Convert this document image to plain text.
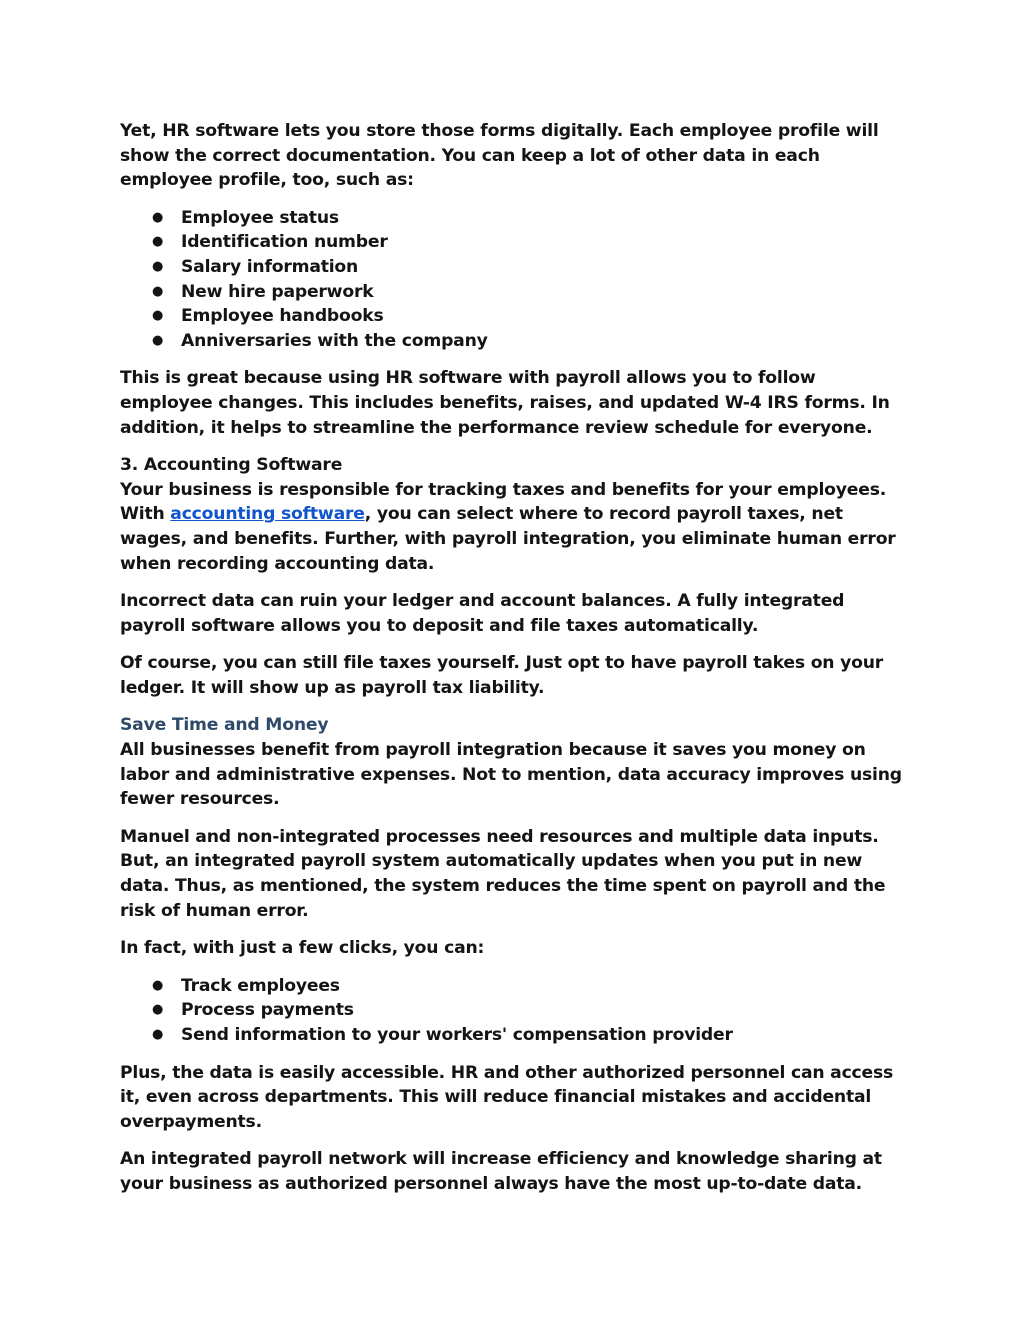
Yet, HR software lets you store those forms digitally. Each employee profile will show the correct documentation. You can keep a lot of other data in each employee profile, too, such as:

● Employee status
● Identification number
● Salary information
● New hire paperwork
● Employee handbooks
● Anniversaries with the company

This is great because using HR software with payroll allows you to follow employee changes. This includes benefits, raises, and updated W-4 IRS forms. In addition, it helps to streamline the performance review schedule for everyone.

3. Accounting Software

Your business is responsible for tracking taxes and benefits for your employees.
With accounting software, you can select where to record payroll taxes, net wages, and benefits. Further, with payroll integration, you eliminate human error when recording accounting data.

Incorrect data can ruin your ledger and account balances. A fully integrated payroll software allows you to deposit and file taxes automatically.

Of course, you can still file taxes yourself. Just opt to have payroll takes on your ledger. It will show up as payroll tax liability.

Save Time and Money

All businesses benefit from payroll integration because it saves you money on labor and administrative expenses. Not to mention, data accuracy improves using fewer resources.

Manuel and non-integrated processes need resources and multiple data inputs. But, an integrated payroll system automatically updates when you put in new data. Thus, as mentioned, the system reduces the time spent on payroll and the risk of human error.

In fact, with just a few clicks, you can:

● Track employees
● Process payments
● Send information to your workers' compensation provider

Plus, the data is easily accessible. HR and other authorized personnel can access it, even across departments. This will reduce financial mistakes and accidental overpayments.

An integrated payroll network will increase efficiency and knowledge sharing at your business as authorized personnel always have the most up-to-date data.
